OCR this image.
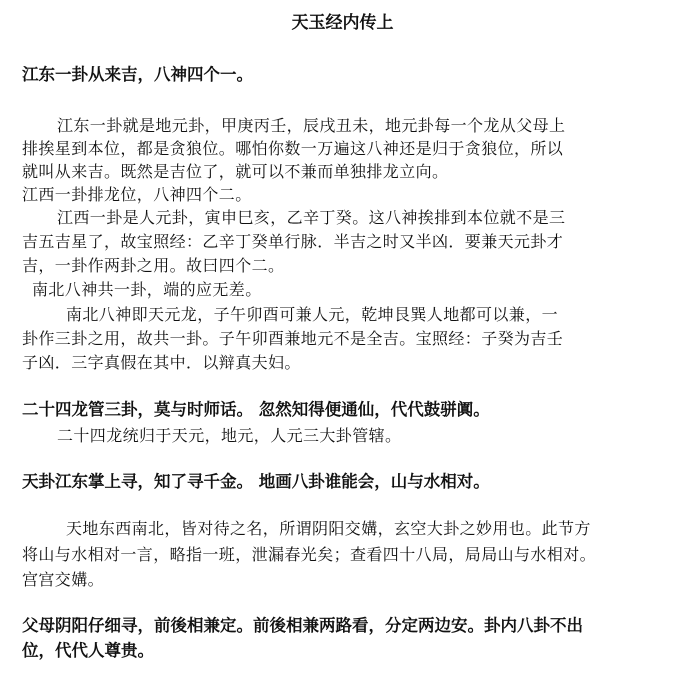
天玉经内传上
江东一卦从来吉，八神四个一。
江东一卦就是地元卦，甲庚丙壬，辰戌丑未，地元卦每一个龙从父母上
排挨星到本位，都是贪狼位。哪怕你数一万遍这八神还是归于贪狼位，所以
就叫从来吉。既然是吉位了，就可以不兼而单独排龙立向。
江西一卦排龙位，八神四个二。
江西一卦是人元卦，寅申巳亥，乙辛丁癸。这八神挨排到本位就不是三
吉五吉星了，故宝照经：乙辛丁癸单行脉．半吉之时又半凶．要兼天元卦才
吉，一卦作两卦之用。故曰四个二。
南北八神共一卦，端的应无差。
南北八神即天元龙，子午卯酉可兼人元，乾坤艮巽人地都可以兼，一
卦作三卦之用，故共一卦。子午卯酉兼地元不是全吉。宝照经：子癸为吉壬
子凶．三字真假在其中．以辩真夫妇。
二十四龙管三卦，莫与时师话。 忽然知得便通仙，代代鼓骈阗。
二十四龙统归于天元，地元，人元三大卦管辖。
天卦江东掌上寻，知了寻千金。 地画八卦谁能会，山与水相对。
天地东西南北，皆对待之名，所谓阴阳交媾，玄空大卦之妙用也。此节方
将山与水相对一言，略指一班，泄漏春光矣；查看四十八局，局局山与水相对。
宫宫交媾。
父母阴阳仔细寻，前後相兼定。前後相兼两路看，分定两边安。卦内八卦不出
位，代代人尊贵。
